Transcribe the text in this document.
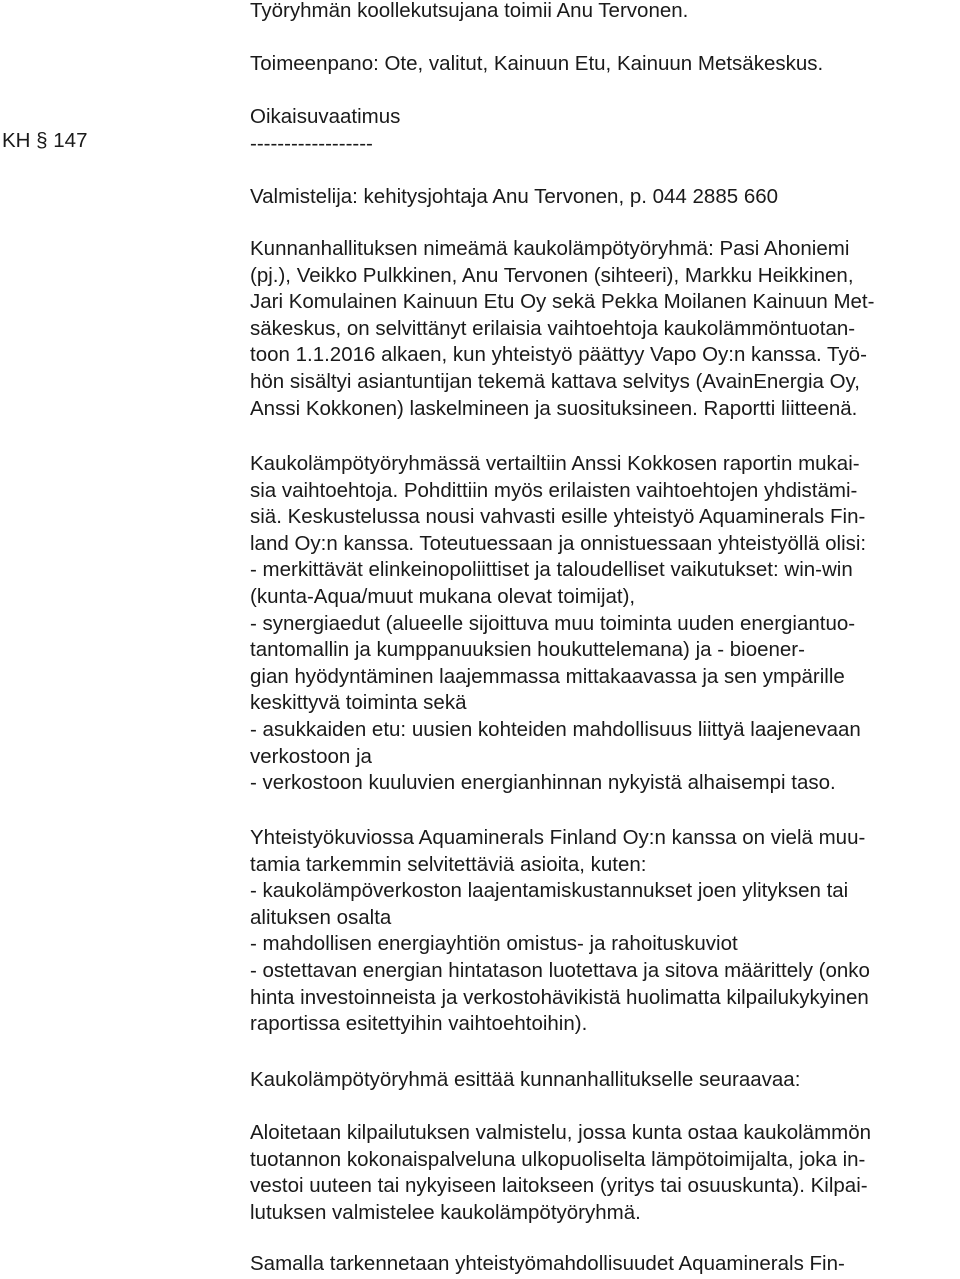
KH § 147
Työryhmän koollekutsujana toimii Anu Tervonen.
Toimeenpano: Ote, valitut, Kainuun Etu, Kainuun Metsäkeskus.
Oikaisuvaatimus
------------------
Valmistelija: kehitysjohtaja Anu Tervonen, p. 044 2885 660
Kunnanhallituksen nimeämä kaukolämpötyöryhmä: Pasi Ahoniemi
(pj.), Veikko Pulkkinen, Anu Tervonen (sihteeri), Markku Heikkinen,
Jari Komulainen Kainuun Etu Oy sekä Pekka Moilanen Kainuun Met-
säkeskus, on selvittänyt erilaisia vaihtoehtoja kaukolämmöntuotan-
toon 1.1.2016 alkaen, kun yhteistyö päättyy Vapo Oy:n kanssa. Työ-
hön sisältyi asiantuntijan tekemä kattava selvitys (AvainEnergia Oy,
Anssi Kokkonen) laskelmineen ja suosituksineen. Raportti liitteenä.
Kaukolämpötyöryhmässä vertailtiin Anssi Kokkosen raportin mukai-
sia vaihtoehtoja. Pohdittiin myös erilaisten vaihtoehtojen yhdistämi-
siä. Keskustelussa nousi vahvasti esille yhteistyö Aquaminerals Fin-
land Oy:n kanssa. Toteutuessaan ja onnistuessaan yhteistyöllä olisi:
- merkittävät elinkeinopoliittiset ja taloudelliset vaikutukset: win-win
(kunta-Aqua/muut mukana olevat toimijat),
- synergiaedut (alueelle sijoittuva muu toiminta uuden energiantuo-
tantomallin ja kumppanuuksien houkuttelemana) ja - bioener-
gian hyödyntäminen laajemmassa mittakaavassa ja sen ympärille
keskittyvä toiminta sekä
- asukkaiden etu: uusien kohteiden mahdollisuus liittyä laajenevaan
verkostoon ja
- verkostoon kuuluvien energianhinnan nykyistä alhaisempi taso.
Yhteistyökuviossa Aquaminerals Finland Oy:n kanssa on vielä muu-
tamia tarkemmin selvitettäviä asioita, kuten:
- kaukolämpöverkoston laajentamiskustannukset joen ylityksen tai
alituksen osalta
- mahdollisen energiayhtiön omistus- ja rahoituskuviot
- ostettavan energian hintatason luotettava ja sitova määrittely (onko
hinta investoinneista ja verkostohävikistä huolimatta kilpailukykyinen
raportissa esitettyihin vaihtoehtoihin).
Kaukolämpötyöryhmä esittää kunnanhallitukselle seuraavaa:
Aloitetaan kilpailutuksen valmistelu, jossa kunta ostaa kaukolämmön
tuotannon kokonaispalveluna ulkopuoliselta lämpötoimijalta, joka in-
vestoi uuteen tai nykyiseen laitokseen (yritys tai osuuskunta). Kilpai-
lutuksen valmistelee kaukolämpötyöryhmä.
Samalla tarkennetaan yhteistyömahdollisuudet Aquaminerals Fin-
